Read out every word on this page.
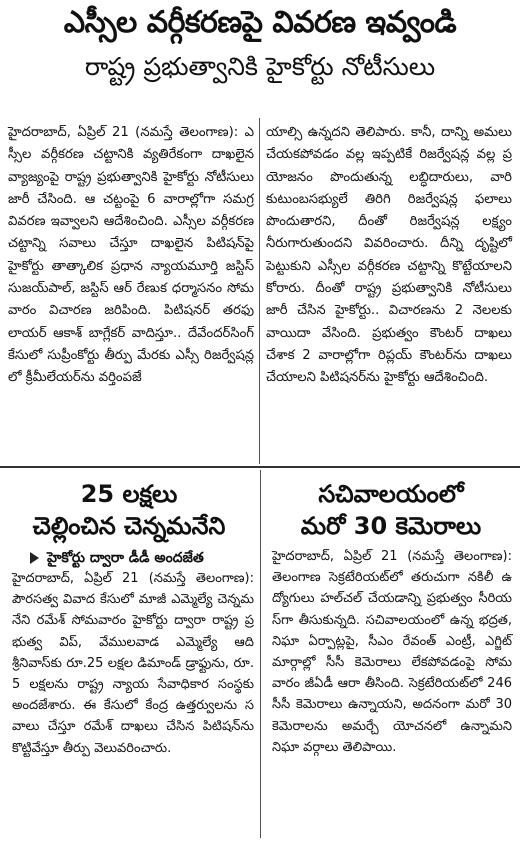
ఎస్సీల వర్గీకరణపై వివరణ ఇవ్వండి
రాష్ట్ర ప్రభుత్వానికి హైకోర్టు నోటీసులు

హైదరాబాద్, ఏప్రిల్ 21 (నమస్తే తెలంగాణ): ఎస్సీల వర్గీకరణ చట్టానికి వ్యతిరేకంగా దాఖలైన వ్యాజ్యంపై రాష్ట్ర ప్రభుత్వానికి హైకోర్టు నోటీసులు జారీ చేసింది. ఆ చట్టంపై 6 వారాల్లోగా సమగ్ర వివరణ ఇవ్వాలని ఆదేశించింది. ఎస్సీల వర్గీకరణ చట్టాన్ని సవాలు చేస్తూ దాఖలైన పిటిషన్‌పై హైకోర్టు తాత్కాలిక ప్రధాన న్యాయమూర్తి జస్టిస్ సుజయ్‌పాల్, జస్టిస్ ఆర్ రేణుక ధర్మాసనం సోమవారం విచారణ జరిపింది. పిటిషనర్ తరఫు లాయర్ ఆకాశ్ బాగ్లేకర్ వాదిస్తూ.. దేవేందర్‌సింగ్ కేసులో సుప్రీంకోర్టు తీర్పు మేరకు ఎస్సీ రిజర్వేషన్లలో క్రీమీలేయర్‌ను వర్తింపజే

యాల్సి ఉన్నదని తెలిపారు. కానీ, దాన్ని అమలు చేయకపోవడం వల్ల ఇప్పటికే రిజర్వేషన్ల వల్ల ప్రయోజనం పొందుతున్న లబ్ధిదారులు, వారి కుటుంబసభ్యులే తిరిగి రిజర్వేషన్ల ఫలాలు పొందుతారని, దీంతో రిజర్వేషన్ల లక్ష్యం నీరుగారుతుందని వివరించారు. దీన్ని దృష్టిలో పెట్టుకుని ఎస్సీల వర్గీకరణ చట్టాన్ని కొట్టేయాలని కోరారు. దీంతో రాష్ట్ర ప్రభుత్వానికి నోటీసులు జారీ చేసిన హైకోర్టు.. విచారణను 2 నెలలకు వాయిదా వేసింది. ప్రభుత్వం కౌంటర్ దాఖలు చేశాక 2 వారాల్లోగా రిప్లయ్ కౌంటర్‌ను దాఖలు చేయాలని పిటిషనర్‌ను హైకోర్టు ఆదేశించింది.

25 లక్షలు
చెల్లించిన చెన్నమనేని
హైకోర్టు ద్వారా డీడీ అందజేత

హైదరాబాద్, ఏప్రిల్ 21 (నమస్తే తెలంగాణ): పౌరసత్వ వివాద కేసులో మాజీ ఎమ్మెల్యే చెన్నమనేని రమేశ్ సోమవారం హైకోర్టు ద్వారా రాష్ట్ర ప్రభుత్వ విప్, వేములవాడ ఎమ్మెల్యే ఆది శ్రీనివాస్‌కు రూ.25 లక్షల డిమాండ్ డ్రాఫ్టును, రూ.5 లక్షలను రాష్ట్ర న్యాయ సేవాధికార సంస్థకు అందజేశారు. ఈ కేసులో కేంద్ర ఉత్తర్వులను సవాలు చేస్తూ రమేశ్ దాఖలు చేసిన పిటిషన్‌ను కొట్టివేస్తూ తీర్పు వెలువరించారు.

సచివాలయంలో
మరో 30 కెమెరాలు

హైదరాబాద్, ఏప్రిల్ 21 (నమస్తే తెలంగాణ): తెలంగాణ సెక్రటేరియట్‌లో తరుచుగా నకిలీ ఉద్యోగులు హల్‌చల్ చేయడాన్ని ప్రభుత్వం సీరియస్‌గా తీసుకున్నది. సచివాలయంలో ఉన్న భద్రత, నిఘా ఏర్పాట్లపై, సీఎం రేవంత్ ఎంట్రీ, ఎగ్జిట్ మార్గాల్లో సీసీ కెమెరాలు లేకపోవడంపై సోమవారం జీఏడీ ఆరా తీసింది. సెక్రటేరియట్‌లో 246 సీసీ కెమెరాలు ఉన్నాయని, అదనంగా మరో 30 కెమెరాలను అమర్చే యోచనలో ఉన్నామని నిఘా వర్గాలు తెలిపాయి.
